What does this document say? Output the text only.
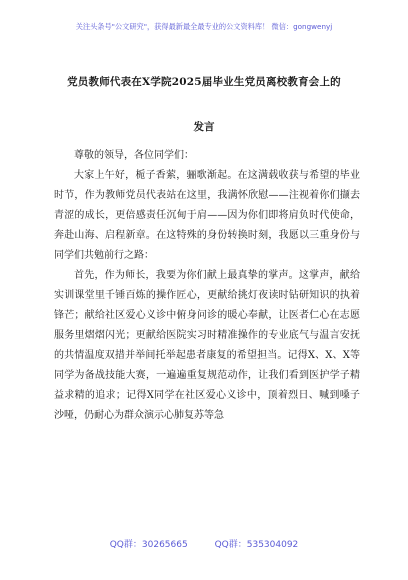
关注头条号"公文研究"，获得最新最全最专业的公文资料库！ 微信：gongwenyj
党员教师代表在X学院2025届毕业生党员离校教育会上的
发言

尊敬的领导，各位同学们：

大家上午好，栀子香萦，骊歌渐起。在这满载收获与希望的毕业时节，作为教师党员代表站在这里，我满怀欣慰——注视着你们撷去青涩的成长，更倍感责任沉甸于肩——因为你们即将肩负时代使命，奔赴山海、启程新章。在这特殊的身份转换时刻，我愿以三重身份与同学们共勉前行之路：

首先，作为师长，我要为你们献上最真挚的掌声。这掌声，献给实训课堂里千锤百炼的操作匠心，更献给挑灯夜读时钻研知识的执着锋芒；献给社区爱心义诊中俯身问诊的暖心奉献，让医者仁心在志愿服务里熠熠闪光；更献给医院实习时精准操作的专业底气与温言安抚的共情温度双措并举间托举起患者康复的希望担当。记得X、X、X等同学为备战技能大赛，一遍遍重复规范动作，让我们看到医护学子精益求精的追求；记得X同学在社区爱心义诊中，顶着烈日、喊到嗓子沙哑，仍耐心为群众演示心肺复苏等急

QQ群：30265665	QQ群：535304092
